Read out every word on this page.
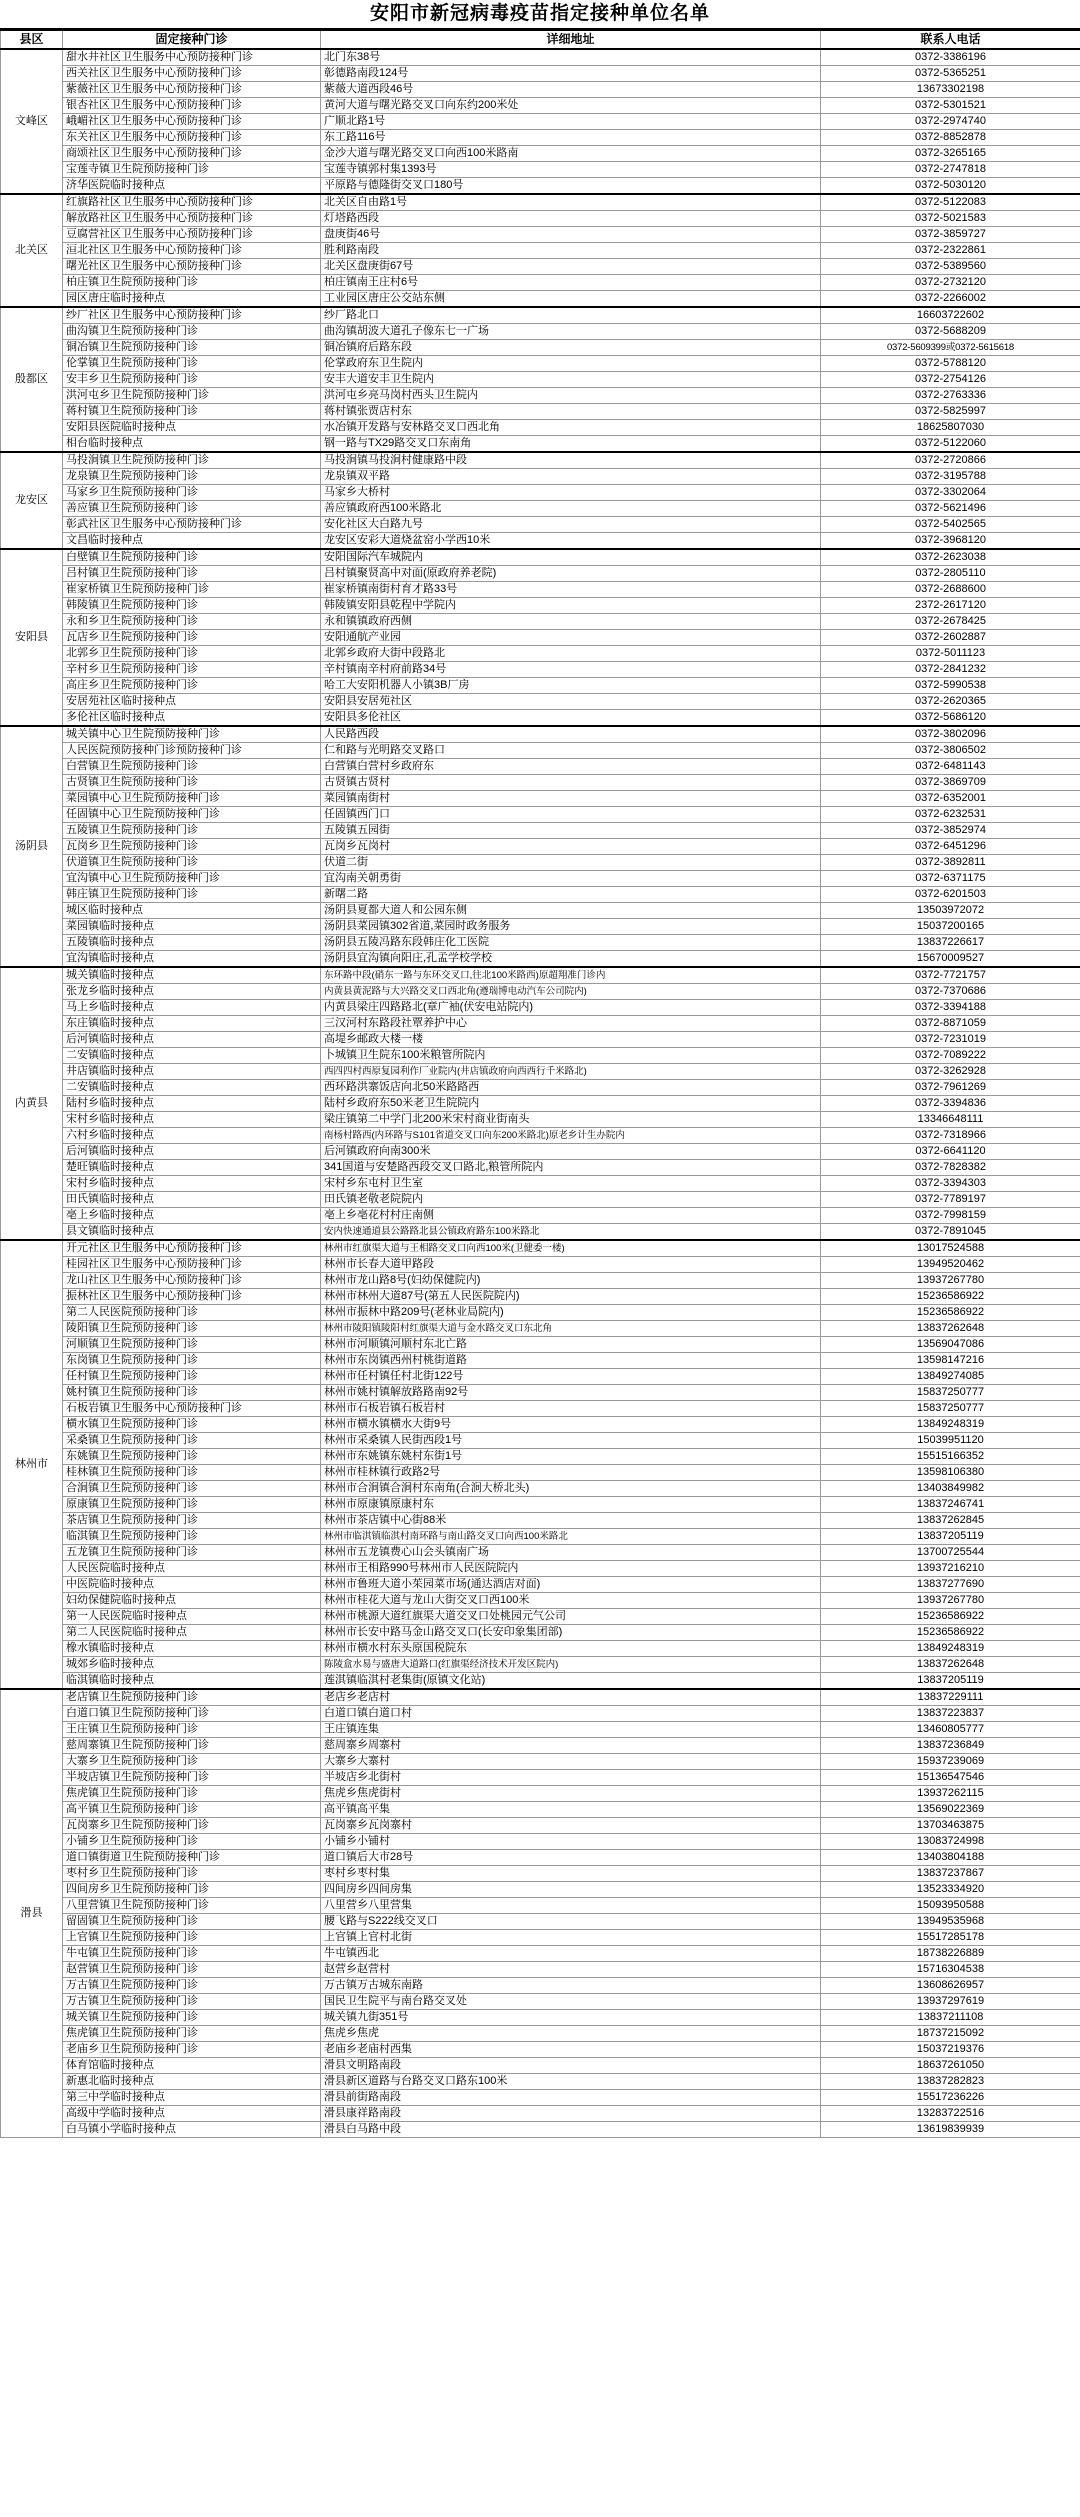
安阳市新冠病毒疫苗指定接种单位名单
县区	固定接种门诊	详细地址	联系人电话
文峰区	甜水井社区卫生服务中心预防接种门诊	北门东38号	0372-3386196
	西关社区卫生服务中心预防接种门诊	彰德路南段124号	0372-5365251
	紫薇社区卫生服务中心预防接种门诊	紫薇大道西段46号	13673302198
	银杏社区卫生服务中心预防接种门诊	黄河大道与曙光路交叉口向东约200米处	0372-5301521
	峨嵋社区卫生服务中心预防接种门诊	广顺北路1号	0372-2974740
	东关社区卫生服务中心预防接种门诊	东工路116号	0372-8852878
	商颂社区卫生服务中心预防接种门诊	金沙大道与曙光路交叉口向西100米路南	0372-3265165
	宝莲寺镇卫生院预防接种门诊	宝莲寺镇郭村集1393号	0372-2747818
	济华医院临时接种点	平原路与德隆街交叉口180号	0372-5030120
北关区	红旗路社区卫生服务中心预防接种门诊	北关区自由路1号	0372-5122083
	解放路社区卫生服务中心预防接种门诊	灯塔路西段	0372-5021583
	豆腐营社区卫生服务中心预防接种门诊	盘庚街46号	0372-3859727
	洹北社区卫生服务中心预防接种门诊	胜利路南段	0372-2322861
	曙光社区卫生服务中心预防接种门诊	北关区盘庚街67号	0372-5389560
	柏庄镇卫生院预防接种门诊	柏庄镇南王庄村6号	0372-2732120
	园区唐庄临时接种点	工业园区唐庄公交站东侧	0372-2266002
殷都区	纱厂社区卫生服务中心预防接种门诊	纱厂路北口	16603722602
	曲沟镇卫生院预防接种门诊	曲沟镇胡波大道孔子像东七一广场	0372-5688209
	铜冶镇卫生院预防接种门诊	铜冶镇府后路东段	0372-5609399或0372-5615618
	伦掌镇卫生院预防接种门诊	伦掌政府东卫生院内	0372-5788120
	安丰乡卫生院预防接种门诊	安丰大道安丰卫生院内	0372-2754126
	洪河屯乡卫生院预防接种门诊	洪河屯乡亮马岗村西头卫生院内	0372-2763336
	蒋村镇卫生院预防接种门诊	蒋村镇张贾店村东	0372-5825997
	安阳县医院临时接种点	水冶镇开发路与安林路交叉口西北角	18625807030
	相台临时接种点	钢一路与TX29路交叉口东南角	0372-5122060
龙安区	马投涧镇卫生院预防接种门诊	马投涧镇马投涧村健康路中段	0372-2720866
	龙泉镇卫生院预防接种门诊	龙泉镇双平路	0372-3195788
	马家乡卫生院预防接种门诊	马家乡大桥村	0372-3302064
	善应镇卫生院预防接种门诊	善应镇政府西100米路北	0372-5621496
	彰武社区卫生服务中心预防接种门诊	安化社区大白路九号	0372-5402565
	文昌临时接种点	龙安区安彩大道烧盆窑小学西10米	0372-3968120
安阳县	白壁镇卫生院预防接种门诊	安阳国际汽车城院内	0372-2623038
	吕村镇卫生院预防接种门诊	吕村镇聚贤高中对面(原政府养老院)	0372-2805110
	崔家桥镇卫生院预防接种门诊	崔家桥镇南街村育才路33号	0372-2688600
	韩陵镇卫生院预防接种门诊	韩陵镇安阳县乾程中学院内	2372-2617120
	永和乡卫生院预防接种门诊	永和镇镇政府西侧	0372-2678425
	瓦店乡卫生院预防接种门诊	安阳通航产业园	0372-2602887
	北郭乡卫生院预防接种门诊	北郭乡政府大街中段路北	0372-5011123
	辛村乡卫生院预防接种门诊	辛村镇南辛村府前路34号	0372-2841232
	高庄乡卫生院预防接种门诊	哈工大安阳机器人小镇3B厂房	0372-5990538
	安居苑社区临时接种点	安阳县安居苑社区	0372-2620365
	多伦社区临时接种点	安阳县多伦社区	0372-5686120
汤阴县	城关镇中心卫生院预防接种门诊	人民路西段	0372-3802096
	人民医院预防接种门诊预防接种门诊	仁和路与光明路交叉路口	0372-3806502
	白营镇卫生院预防接种门诊	白营镇白营村乡政府东	0372-6481143
	古贤镇卫生院预防接种门诊	古贤镇古贤村	0372-3869709
	菜园镇中心卫生院预防接种门诊	菜园镇南街村	0372-6352001
	任固镇中心卫生院预防接种门诊	任固镇西门口	0372-6232531
	五陵镇卫生院预防接种门诊	五陵镇五园街	0372-3852974
	瓦岗乡卫生院预防接种门诊	瓦岗乡瓦岗村	0372-6451296
	伏道镇卫生院预防接种门诊	伏道二街	0372-3892811
	宜沟镇中心卫生院预防接种门诊	宜沟南关朝勇街	0372-6371175
	韩庄镇卫生院预防接种门诊	新曙二路	0372-6201503
	城区临时接种点	汤阴县夏都大道人和公园东侧	13503972072
	菜园镇临时接种点	汤阴县菜园镇302省道,菜园时政务服务	15037200165
	五陵镇临时接种点	汤阴县五陵冯路东段韩庄化工医院	13837226617
	宜沟镇临时接种点	汤阴县宜沟镇向阳庄,孔孟学校学校	15670009527
内黄县	城关镇临时接种点	东环路中段(硝东一路与东环交叉口,往北100米路西)原超翔准门诊内	0372-7721757
	张龙乡临时接种点	内黄县黄泥路与大兴路交叉口西北角(遵瑞博电动汽车公司院内)	0372-7370686
	马上乡临时接种点	内黄县梁庄四路路北(章广袖(伏安电站院内)	0372-3394188
	东庄镇临时接种点	三汉河村东路段社覃养护中心	0372-8871059
	后河镇临时接种点	高堤乡邮政大楼一楼	0372-7231019
	二安镇临时接种点	卜城镇卫生院东100米粮管所院内	0372-7089222
	井店镇临时接种点	西四四村西原复园利作厂业院内(井店镇政府向西西行千米路北)	0372-3262928
	二安镇临时接种点	西环路洪寨饭店向北50米路路西	0372-7961269
	陆村乡临时接种点	陆村乡政府东50米老卫生院院内	0372-3394836
	宋村乡临时接种点	梁庄镇第二中学门北200米宋村商业街南头	13346648111
	六村乡临时接种点	南杨村路西(内环路与S101省道交叉口向东200米路北)原老乡计生办院内	0372-7318966
	后河镇临时接种点	后河镇政府向南300米	0372-6641120
	楚旺镇临时接种点	341国道与安楚路西段交叉口路北,粮管所院内	0372-7828382
	宋村乡临时接种点	宋村乡东屯村卫生室	0372-3394303
	田氏镇临时接种点	田氏镇老敬老院院内	0372-7789197
	亳上乡临时接种点	亳上乡亳花村村庄南侧	0372-7998159
	县文镇临时接种点	安内快速通道县公路路北县公镇政府路东100米路北	0372-7891045
林州市	开元社区卫生服务中心预防接种门诊	林州市红旗渠大道与王相路交叉口向西100米(卫健委一楼)	13017524588
	桂园社区卫生服务中心预防接种门诊	林州市长春大道甲路段	13949520462
	龙山社区卫生服务中心预防接种门诊	林州市龙山路8号(妇幼保健院内)	13937267780
	振林社区卫生服务中心预防接种门诊	林州市林州大道87号(第五人民医院院内)	15236586922
	第二人民医院预防接种门诊	林州市振林中路209号(老林业局院内)	15236586922
	陵阳镇卫生院预防接种门诊	林州市陵阳镇陵阳村红旗渠大道与金水路交叉口东北角	13837262648
	河顺镇卫生院预防接种门诊	林州市河顺镇河顺村东北亡路	13569047086
	东岗镇卫生院预防接种门诊	林州市东岗镇西州村桃街道路	13598147216
	任村镇卫生院预防接种门诊	林州市任村镇任村北街122号	13849274085
	姚村镇卫生院预防接种门诊	林州市姚村镇解放路路南92号	15837250777
	石板岩镇卫生服务中心预防接种门诊	林州市石板岩镇石板岩村	15837250777
	横水镇卫生院预防接种门诊	林州市横水镇横水大街9号	13849248319
	采桑镇卫生院预防接种门诊	林州市采桑镇人民街西段1号	15039951120
	东姚镇卫生院预防接种门诊	林州市东姚镇东姚村东街1号	15515166352
	桂林镇卫生院预防接种门诊	林州市桂林镇行政路2号	13598106380
	合涧镇卫生院预防接种门诊	林州市合涧镇合涧村东南角(合涧大桥北头)	13403849982
	原康镇卫生院预防接种门诊	林州市原康镇原康村东	13837246741
	茶店镇卫生院预防接种门诊	林州市茶店镇中心街88米	13837262845
	临淇镇卫生院预防接种门诊	林州市临淇镇临淇村南环路与南山路交叉口向西100米路北	13837205119
	五龙镇卫生院预防接种门诊	林州市五龙镇费心山会头镇南广场	13700725544
	人民医院临时接种点	林州市王相路990号林州市人民医院院内	13937216210
	中医院临时接种点	林州市鲁班大道小茱园菜市场(通达酒店对面)	13837277690
	妇幼保健院临时接种点	林州市桂花大道与龙山大街交叉口西100米	13937267780
	第一人民医院临时接种点	林州市桃源大道红旗渠大道交叉口处桃园元气公司	15236586922
	第二人民医院临时接种点	林州市长安中路马金山路交叉口(长安印象集团部)	15236586922
	橡水镇临时接种点	林州市横水村东头原国税院东	13849248319
	城郊乡临时接种点	陈陵盒水易与盛唐大道路口(红旗渠经济技术开发区院内)	13837262648
	临淇镇临时接种点	莲淇镇临淇村老集街(原镇文化站)	13837205119
滑县	老店镇卫生院预防接种门诊	老店乡老店村	13837229111
	白道口镇卫生院预防接种门诊	白道口镇白道口村	13837223837
	王庄镇卫生院预防接种门诊	王庄镇连集	13460805777
	慈周寨镇卫生院预防接种门诊	慈周寨乡周寨村	13837236849
	大寨乡卫生院预防接种门诊	大寨乡大寨村	15937239069
	半坡店镇卫生院预防接种门诊	半坡店乡北街村	15136547546
	焦虎镇卫生院预防接种门诊	焦虎乡焦虎街村	13937262115
	高平镇卫生院预防接种门诊	高平镇高平集	13569022369
	瓦岗寨乡卫生院预防接种门诊	瓦岗寨乡瓦岗寨村	13703463875
	小铺乡卫生院预防接种门诊	小铺乡小铺村	13083724998
	道口镇街道卫生院预防接种门诊	道口镇后大市28号	13403804188
	枣村乡卫生院预防接种门诊	枣村乡枣村集	13837237867
	四间房乡卫生院预防接种门诊	四间房乡四间房集	13523334920
	八里营镇卫生院预防接种门诊	八里营乡八里营集	15093950588
	留固镇卫生院预防接种门诊	腰飞路与S222线交叉口	13949535968
	上官镇卫生院预防接种门诊	上官镇上官村北街	15517285178
	牛屯镇卫生院预防接种门诊	牛屯镇西北	18738226889
	赵营镇卫生院预防接种门诊	赵营乡赵营村	15716304538
	万古镇卫生院预防接种门诊	万古镇万古城东南路	13608626957
	万古镇卫生院预防接种门诊	国民卫生院平与南台路交叉处	13937297619
	城关镇卫生院预防接种门诊	城关镇九街351号	13837211108
	焦虎镇卫生院预防接种门诊	焦虎乡焦虎	18737215092
	老庙乡卫生院预防接种门诊	老庙乡老庙村西集	15037219376
	体育馆临时接种点	滑县文明路南段	18637261050
	新惠北临时接种点	滑县新区道路与台路交叉口路东100米	13837282823
	第三中学临时接种点	滑县前街路南段	15517236226
	高级中学临时接种点	滑县康祥路南段	13283722516
	白马镇小学临时接种点	滑县白马路中段	13619839939
